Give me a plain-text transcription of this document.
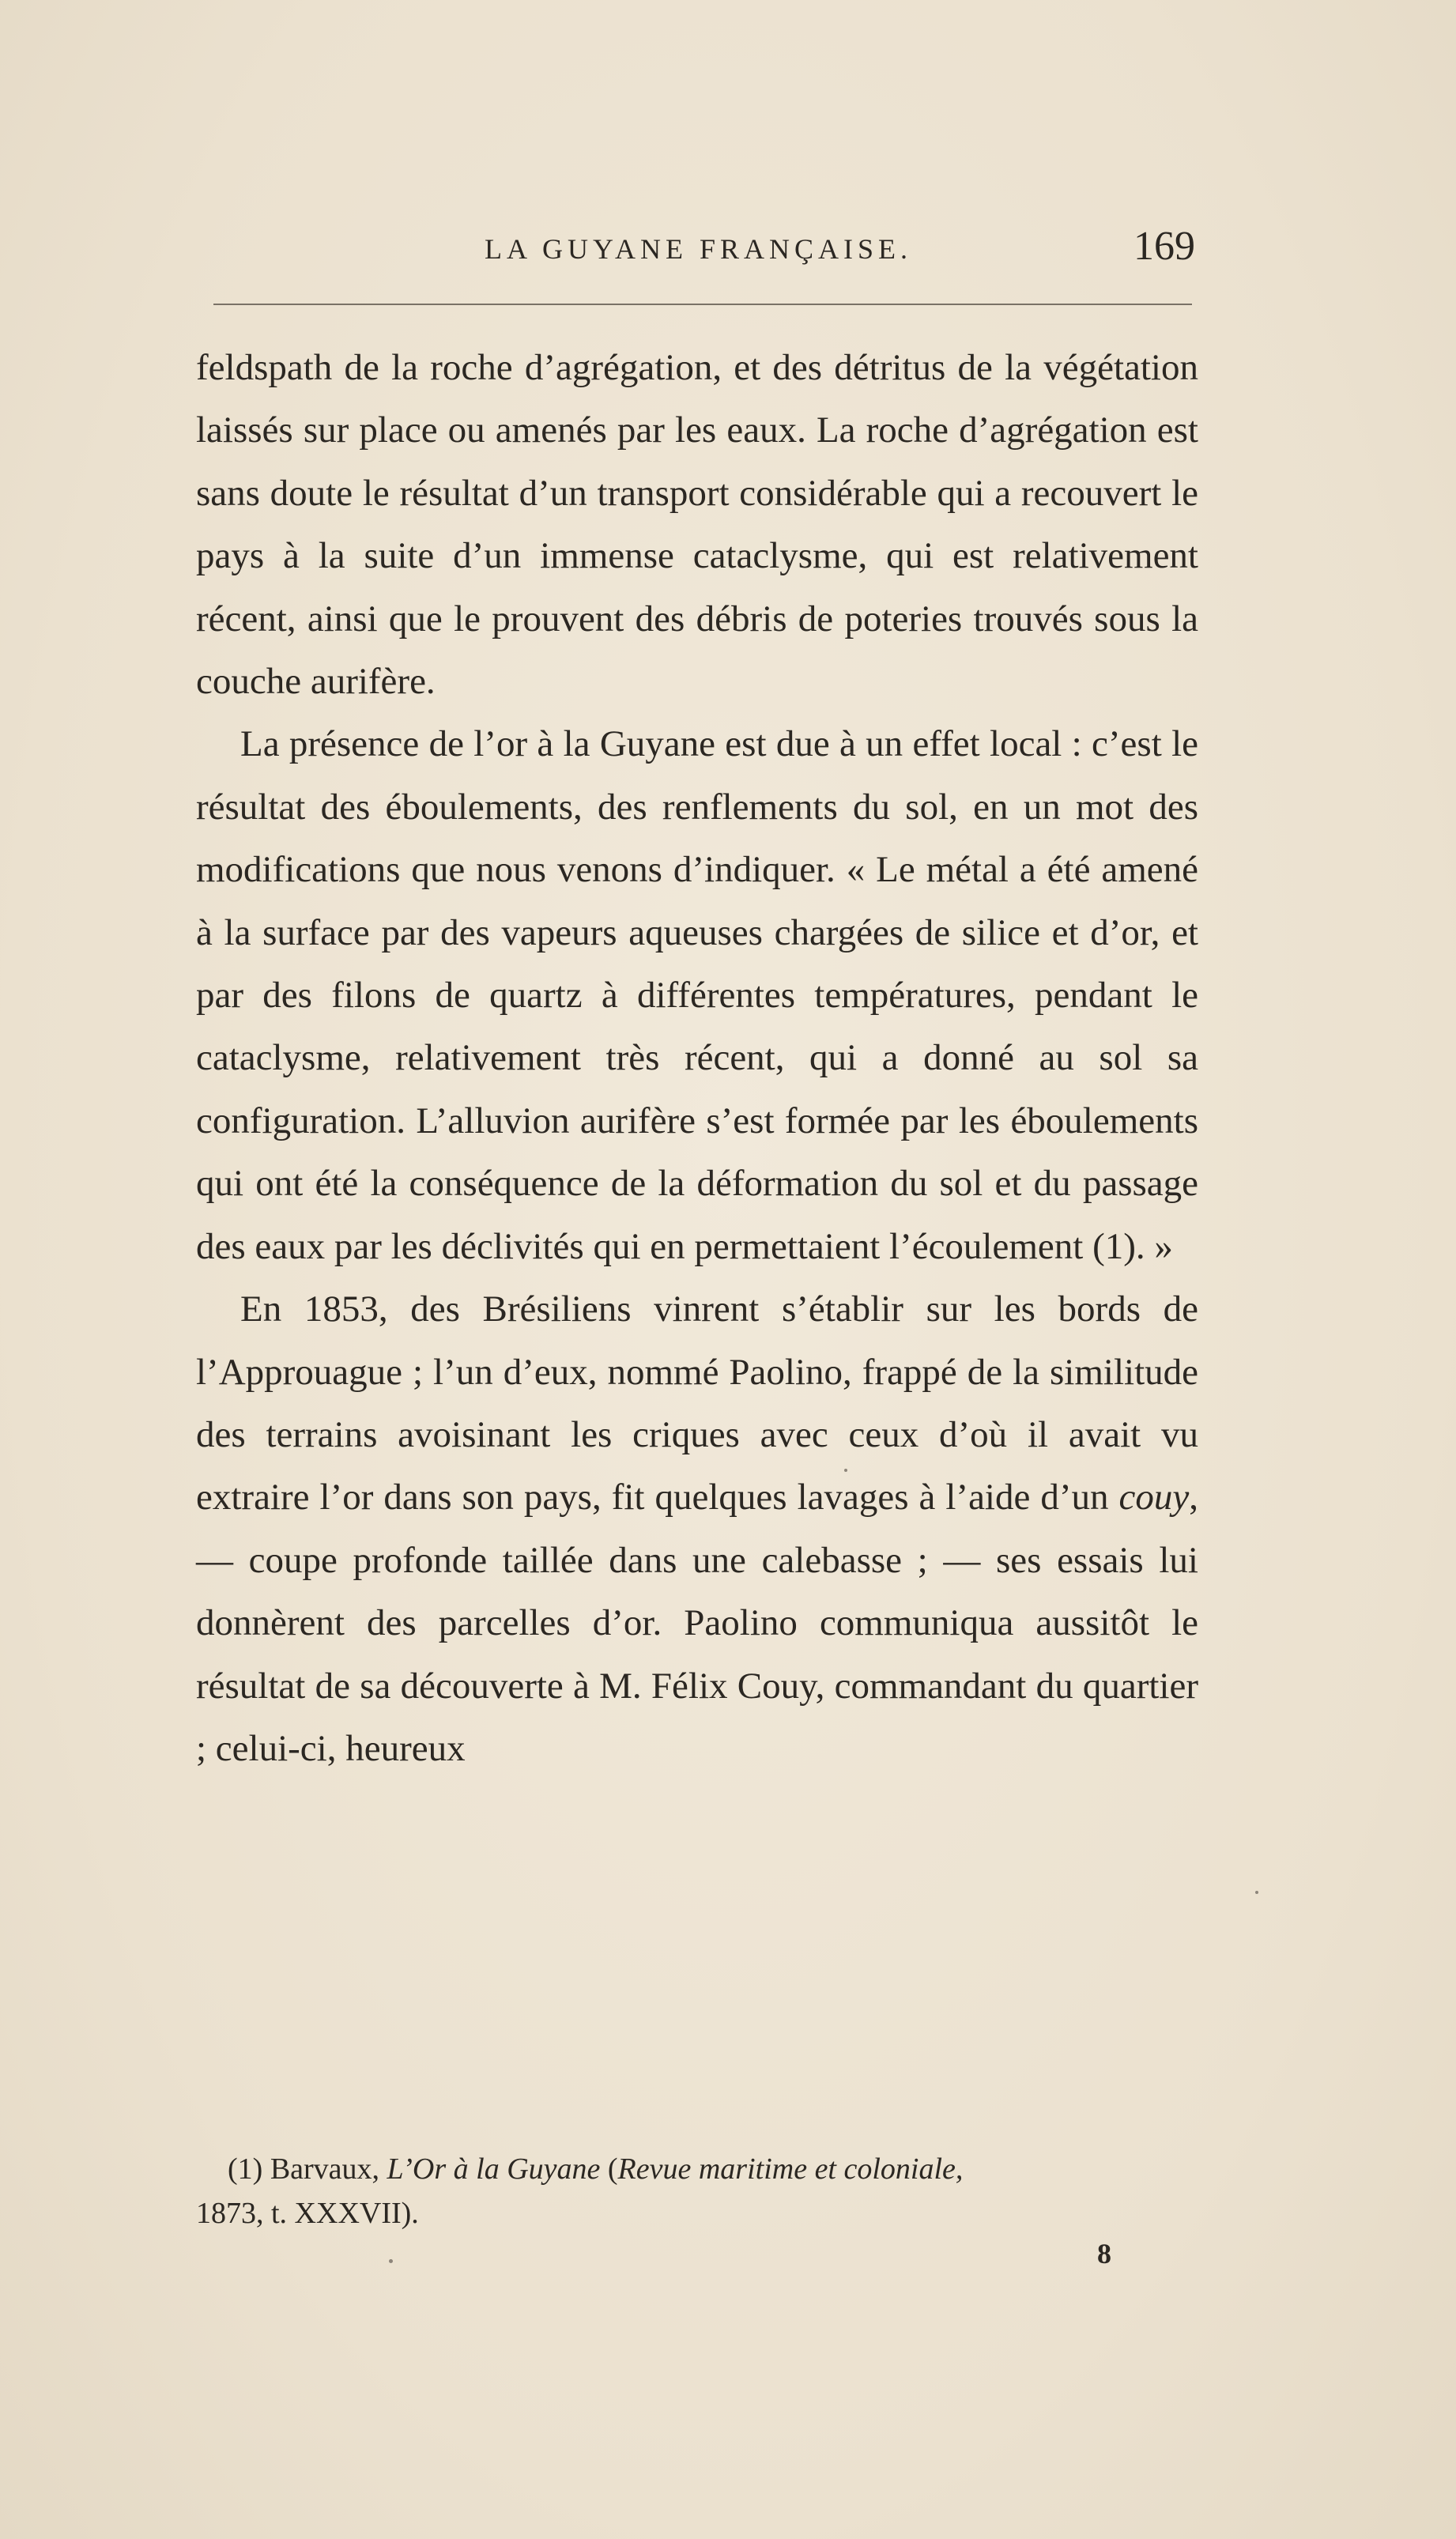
LA GUYANE FRANÇAISE.	169

feldspath de la roche d’agrégation, et des détritus de la végétation laissés sur place ou amenés par les eaux. La roche d’agrégation est sans doute le résultat d’un transport considérable qui a recouvert le pays à la suite d’un immense cataclysme, qui est relativement récent, ainsi que le prouvent des débris de poteries trouvés sous la couche aurifère.

La présence de l’or à la Guyane est due à un effet local : c’est le résultat des éboulements, des renflements du sol, en un mot des modifications que nous venons d’indiquer. « Le métal a été amené à la surface par des vapeurs aqueuses chargées de silice et d’or, et par des filons de quartz à différentes températures, pendant le cataclysme, relativement très récent, qui a donné au sol sa configuration. L’alluvion aurifère s’est formée par les éboulements qui ont été la conséquence de la déformation du sol et du passage des eaux par les déclivités qui en permettaient l’écoulement (1). »

En 1853, des Brésiliens vinrent s’établir sur les bords de l’Approuague ; l’un d’eux, nommé Paolino, frappé de la similitude des terrains avoisinant les criques avec ceux d’où il avait vu extraire l’or dans son pays, fit quelques lavages à l’aide d’un couy, — coupe profonde taillée dans une calebasse ; — ses essais lui donnèrent des parcelles d’or. Paolino communiqua aussitôt le résultat de sa découverte à M. Félix Couy, commandant du quartier ; celui-ci, heureux

(1) Barvaux, L’Or à la Guyane (Revue maritime et coloniale,
1873, t. XXXVII).
8
